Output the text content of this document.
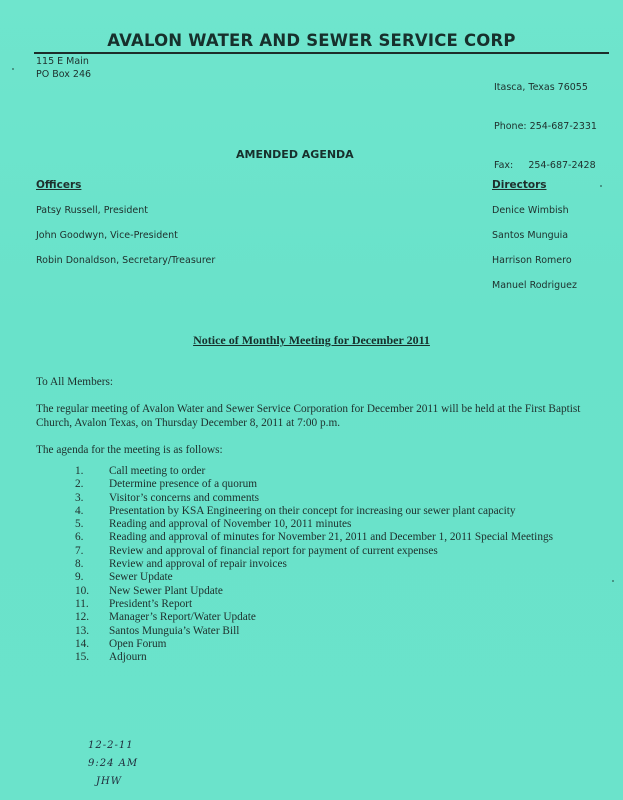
AVALON WATER AND SEWER SERVICE CORP
115 E Main
PO Box 246

Itasca, Texas 76055

Phone: 254-687-2331

Fax:     254-687-2428

AMENDED AGENDA
Officers
Patsy Russell, President
John Goodwyn, Vice-President
Robin Donaldson, Secretary/Treasurer
Directors
Denice Wimbish
Santos Munguia
Harrison Romero
Manuel Rodriguez
Notice of Monthly Meeting for December 2011
To All Members:
The regular meeting of Avalon Water and Sewer Service Corporation for December 2011 will be held at the First Baptist Church, Avalon Texas, on Thursday December 8, 2011 at 7:00 p.m.
The agenda for the meeting is as follows:
1.	Call meeting to order
2.	Determine presence of a quorum
3.	Visitor’s concerns and comments
4.	Presentation by KSA Engineering on their concept for increasing our sewer plant capacity
5.	Reading and approval of November 10, 2011 minutes
6.	Reading and approval of minutes for November 21, 2011 and December 1, 2011 Special Meetings
7.	Review and approval of financial report for payment of current expenses
8.	Review and approval of repair invoices
9.	Sewer Update
10.	New Sewer Plant Update
11.	President’s Report
12.	Manager’s Report/Water Update
13.	Santos Munguia’s Water Bill
14.	Open Forum
15.	Adjourn
12-2-11
9:24 AM
JHW
